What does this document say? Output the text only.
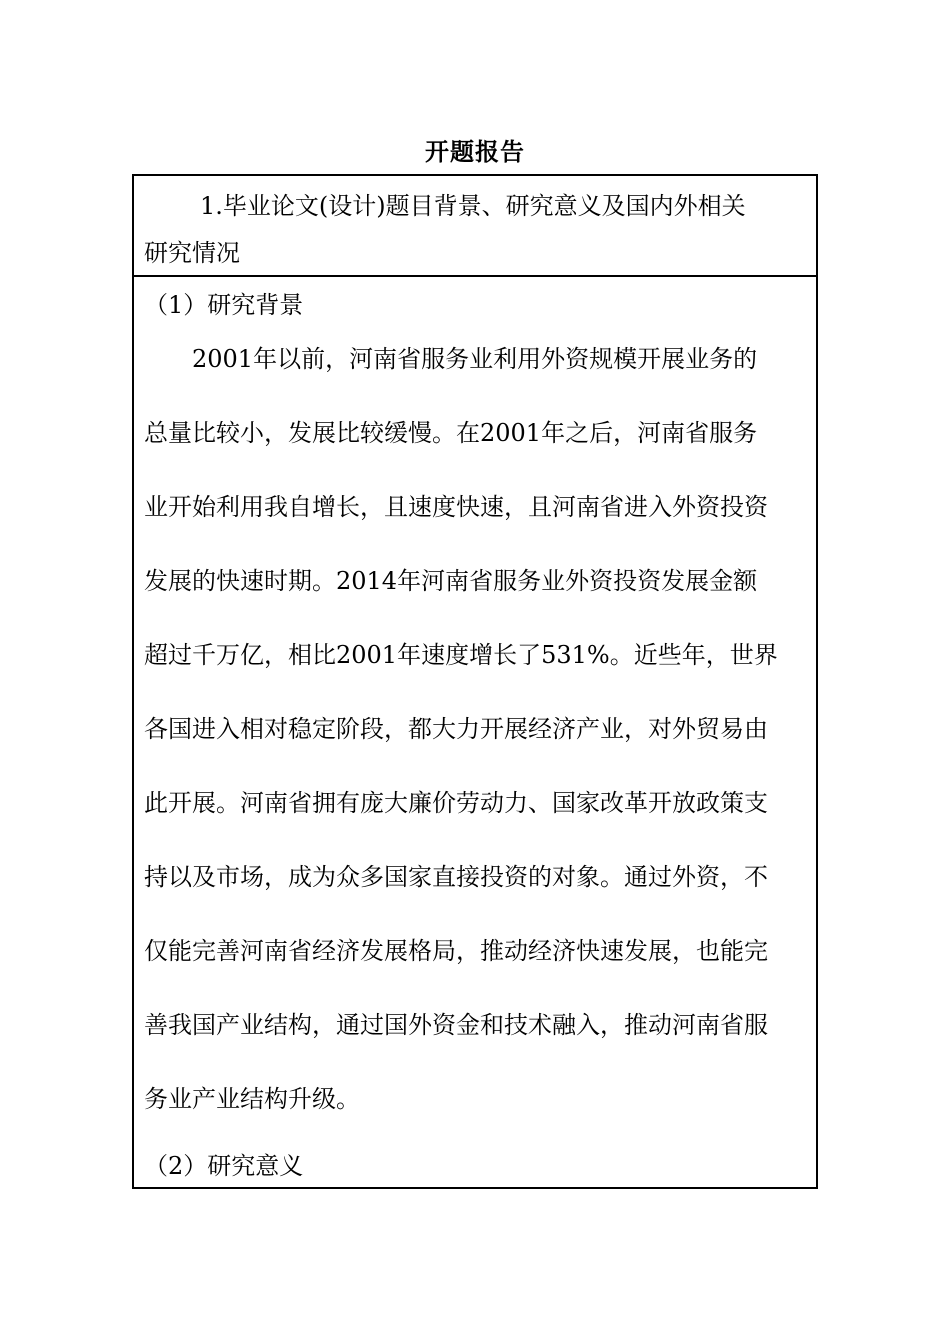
开题报告
1.毕业论文(设计)题目背景、研究意义及国内外相关
研究情况
（1）研究背景
2001年以前，河南省服务业利用外资规模开展业务的
总量比较小，发展比较缓慢。在2001年之后，河南省服务
业开始利用我自增长，且速度快速，且河南省进入外资投资
发展的快速时期。2014年河南省服务业外资投资发展金额
超过千万亿，相比2001年速度增长了531%。近些年，世界
各国进入相对稳定阶段，都大力开展经济产业，对外贸易由
此开展。河南省拥有庞大廉价劳动力、国家改革开放政策支
持以及市场，成为众多国家直接投资的对象。通过外资，不
仅能完善河南省经济发展格局，推动经济快速发展，也能完
善我国产业结构，通过国外资金和技术融入，推动河南省服
务业产业结构升级。
（2）研究意义
